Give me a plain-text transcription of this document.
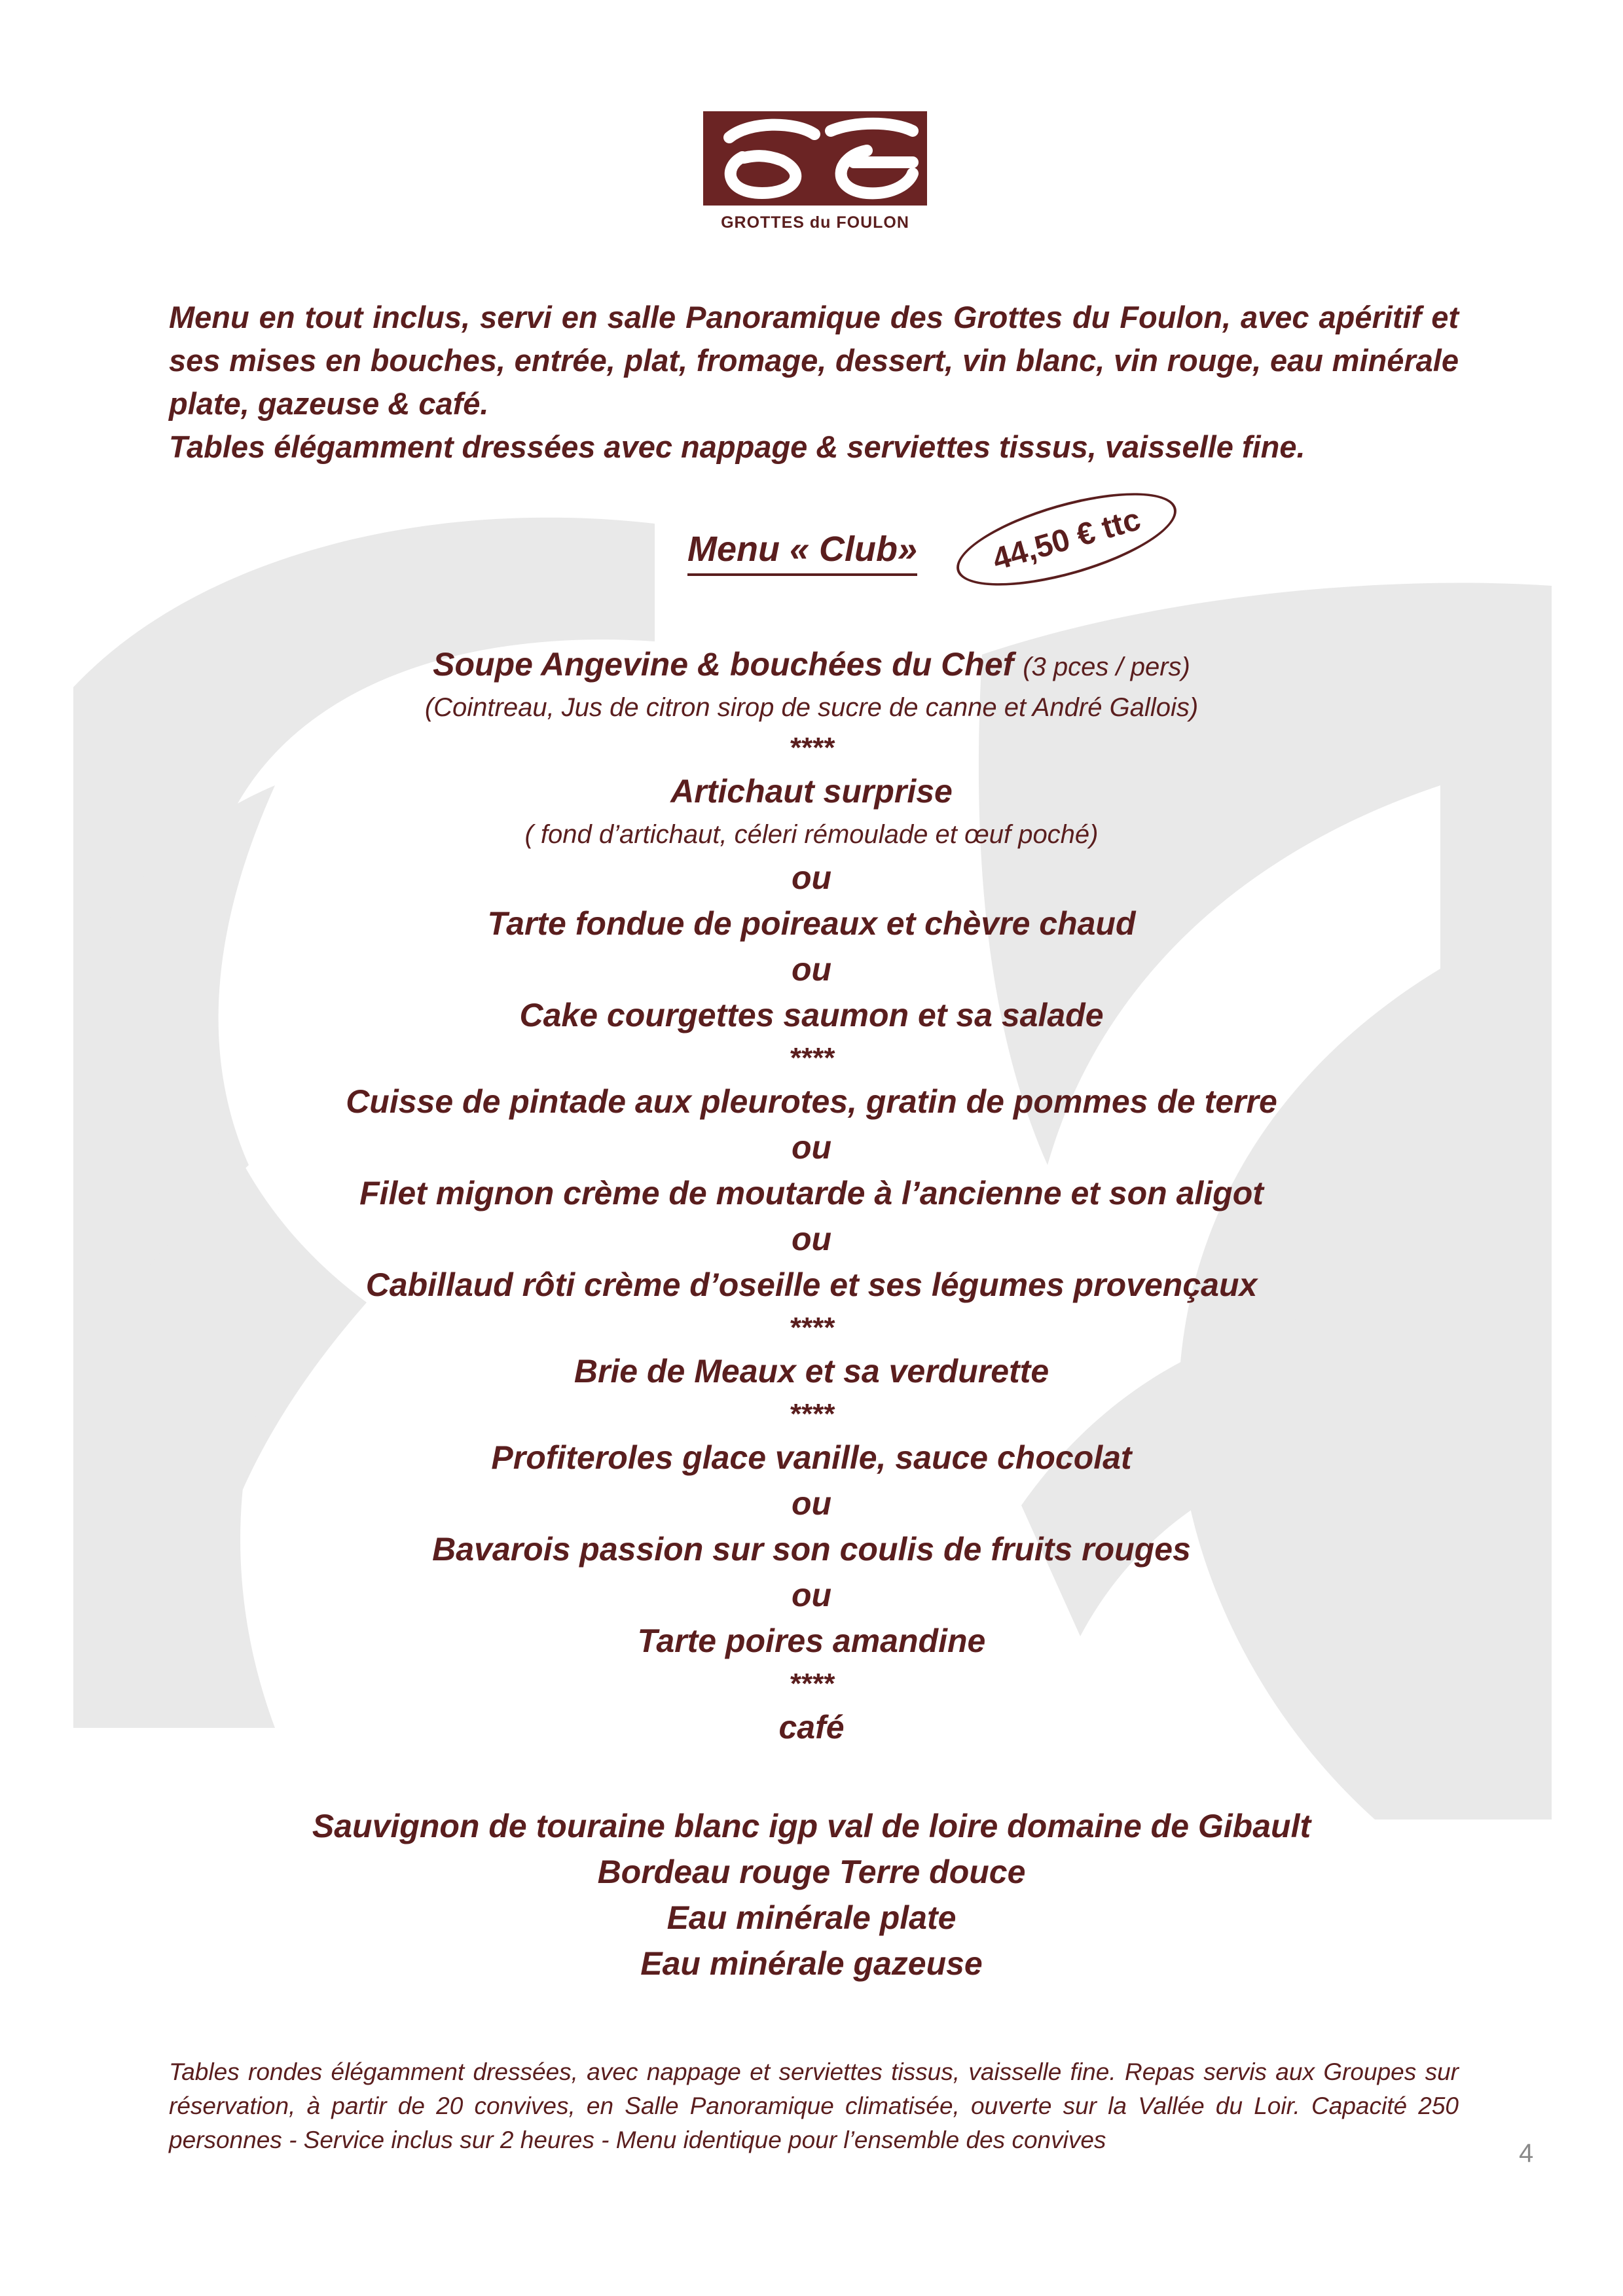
GROTTES du FOULON

Menu en tout inclus, servi en salle Panoramique des Grottes du Foulon, avec apéritif et ses mises en bouches, entrée, plat, fromage, dessert, vin blanc, vin rouge, eau minérale plate, gazeuse & café.

Tables élégamment dressées avec nappage & serviettes tissus, vaisselle fine.

Menu « Club» 44,50 € ttc
Soupe Angevine & bouchées du Chef (3 pces / pers)
(Cointreau, Jus de citron sirop de sucre de canne et André Gallois)
****
Artichaut surprise
( fond d’artichaut, céleri rémoulade et œuf poché)
ou
Tarte fondue de poireaux et chèvre chaud
ou
Cake courgettes saumon et sa salade
****
Cuisse de pintade aux pleurotes, gratin de pommes de terre
ou
Filet mignon crème de moutarde à l’ancienne et son aligot
ou
Cabillaud rôti crème d’oseille et ses légumes provençaux
****
Brie de Meaux et sa verdurette
****
Profiteroles glace vanille, sauce chocolat
ou
Bavarois passion sur son coulis de fruits rouges
ou
Tarte poires amandine
****
café
Sauvignon de touraine blanc igp val de loire domaine de Gibault
Bordeau rouge Terre douce
Eau minérale plate
Eau minérale gazeuse
Tables rondes élégamment dressées, avec nappage et serviettes tissus, vaisselle fine. Repas servis aux Groupes sur réservation, à partir de 20 convives, en Salle Panoramique climatisée, ouverte sur la Vallée du Loir. Capacité 250 personnes - Service inclus sur 2 heures - Menu identique pour l’ensemble des convives	4
